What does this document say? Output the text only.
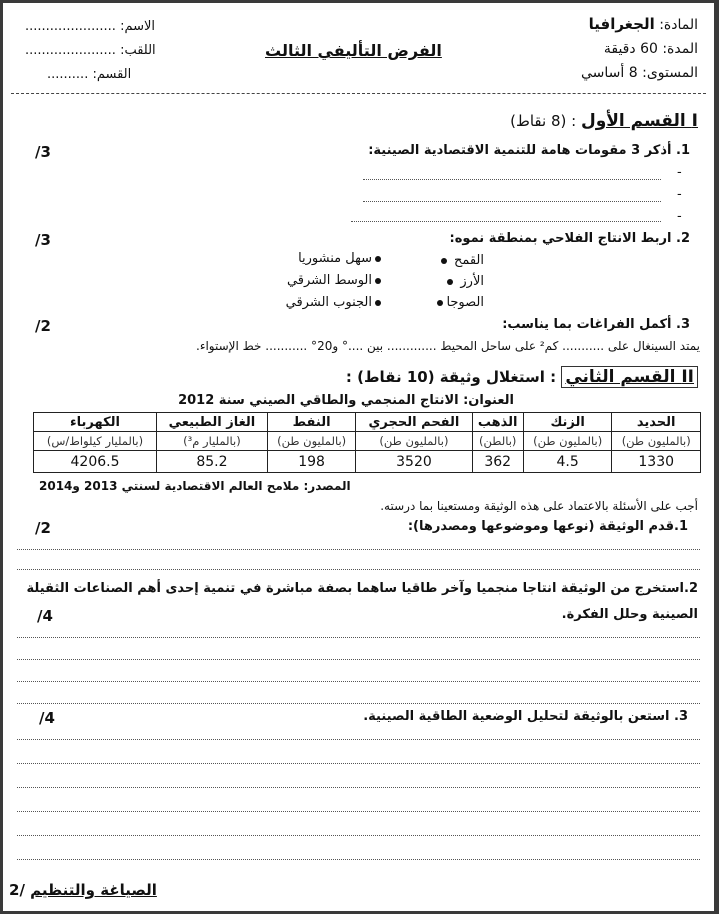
المادة: الجغرافيا
المدة: 60 دقيقة
المستوى: 8 أساسي
الفرض التأليفي الثالث
الاسم: ......................
اللقب: ......................
القسم: ..........
I القسم الأول : (8 نقاط)
1. أذكر 3 مقومات هامة للتنمية الاقتصادية الصينية:
/3
-
-
-
2. اربط الانتاج الفلاحي بمنطقة نموه:
/3
القمح
الأرز
الصوجا
سهل منشوريا
الوسط الشرقي
الجنوب الشرقي
3. أكمل الفراغات بما يناسب:
/2
يمتد السينغال على ........... كم² على ساحل المحيط ............. بين ....° و20° ........... خط الإستواء.
II القسم الثاني : استغلال وثيقة (10 نقاط) :
العنوان: الانتاج المنجمي والطاقي الصيني سنة 2012
الحديد	الزنك	الذهب	الفحم الحجري	النفط	الغاز الطبيعي	الكهرباء
(بالمليون طن)	(بالمليون طن)	(بالطن)	(بالمليون طن)	(بالمليون طن)	(بالمليار م³)	(بالمليار كيلواط/س)
1330	4.5	362	3520	198	85.2	4206.5
المصدر: ملامح العالم الاقتصادية لسنتي 2013 و2014
أجب على الأسئلة بالاعتماد على هذه الوثيقة ومستعينا بما درسته.
1.قدم الوثيقة (نوعها وموضوعها ومصدرها):
/2
2.استخرج من الوثيقة انتاجا منجميا وآخر طاقيا ساهما بصفة مباشرة في تنمية إحدى أهم الصناعات الثقيلة
الصينية وحلل الفكرة.
/4
3. استعن بالوثيقة لتحليل الوضعية الطاقية الصينية.
/4
الصياغة والتنظيم /2
